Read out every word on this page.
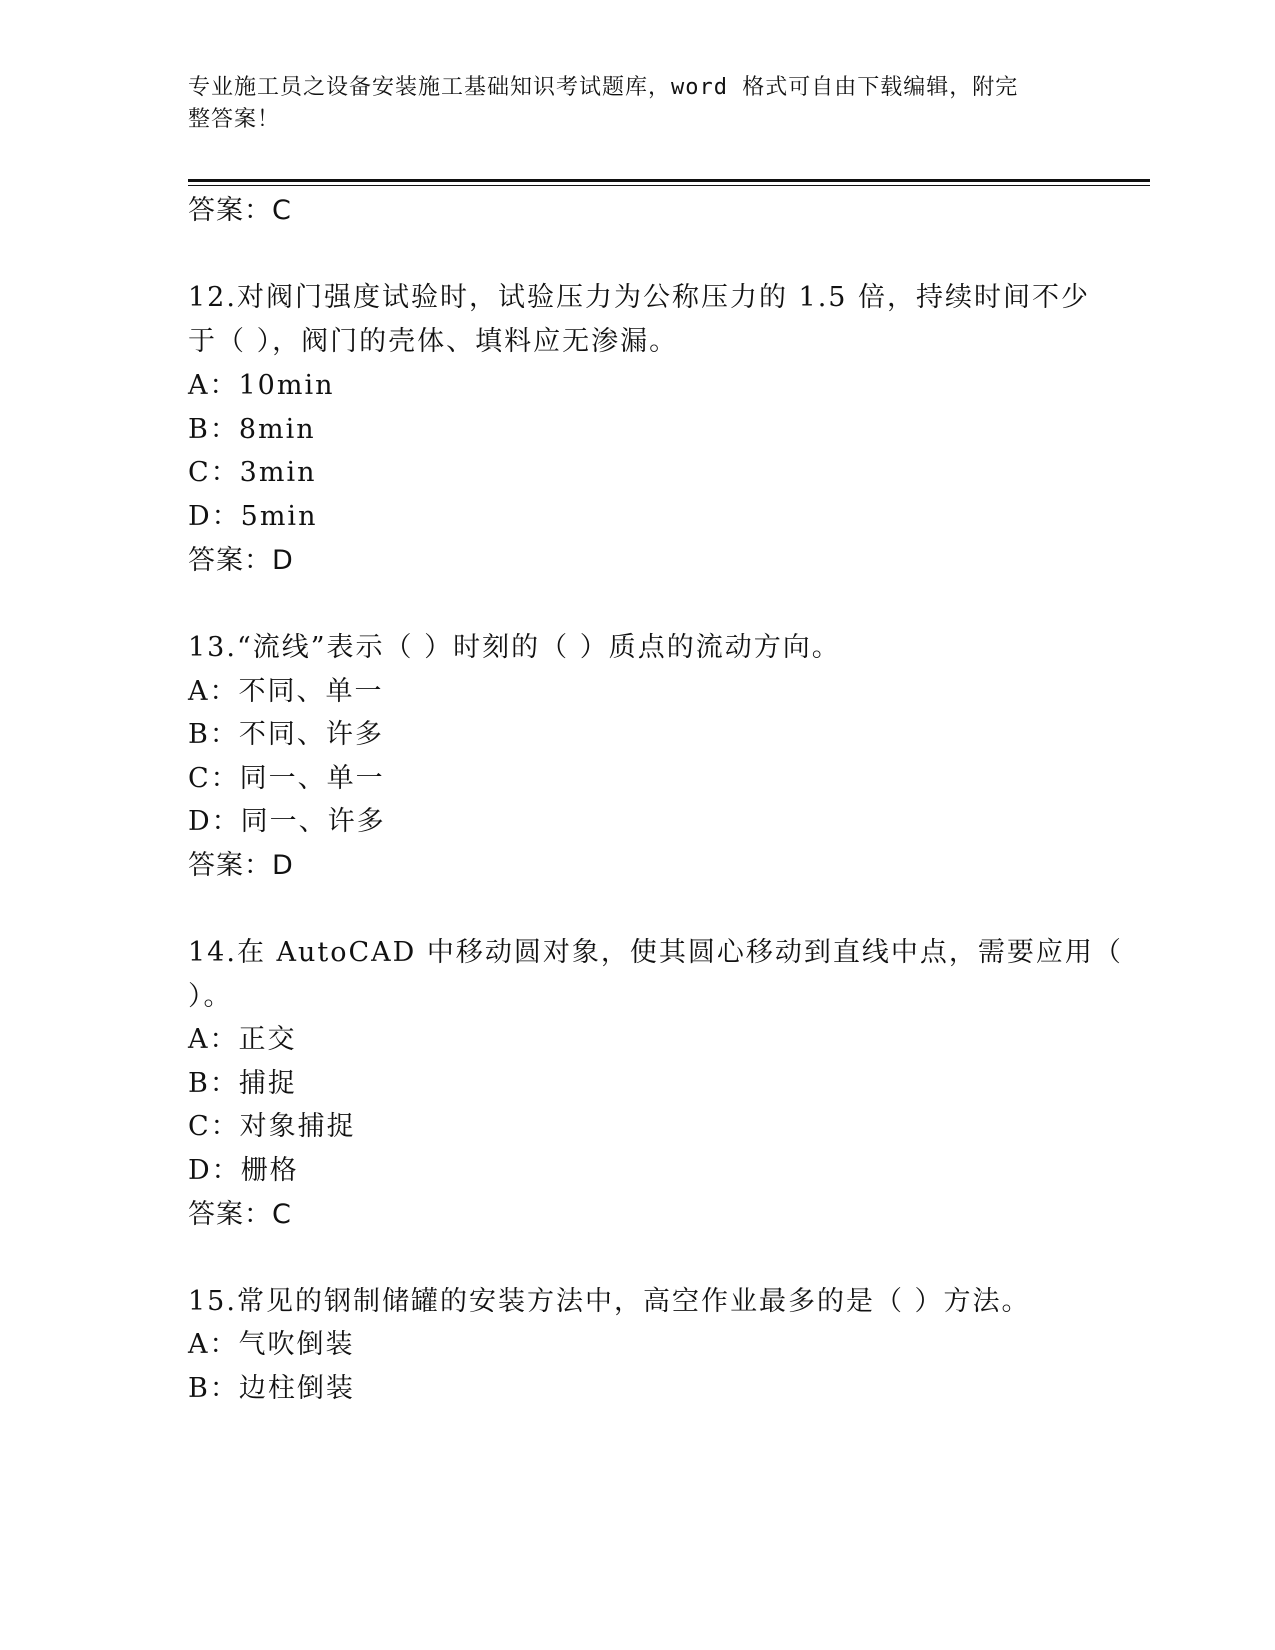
专业施工员之设备安装施工基础知识考试题库，word 格式可自由下载编辑，附完
整答案！
答案：C
12.对阀门强度试验时，试验压力为公称压力的 1.5 倍，持续时间不少
于（ ），阀门的壳体、填料应无渗漏。
A：10min
B：8min
C：3min
D：5min
答案：D
13.“流线”表示（ ）时刻的（ ）质点的流动方向。
A：不同、单一
B：不同、许多
C：同一、单一
D：同一、许多
答案：D
14.在 AutoCAD 中移动圆对象，使其圆心移动到直线中点，需要应用（
）。
A：正交
B：捕捉
C：对象捕捉
D：栅格
答案：C
15.常见的钢制储罐的安装方法中，高空作业最多的是（ ）方法。
A：气吹倒装
B：边柱倒装
